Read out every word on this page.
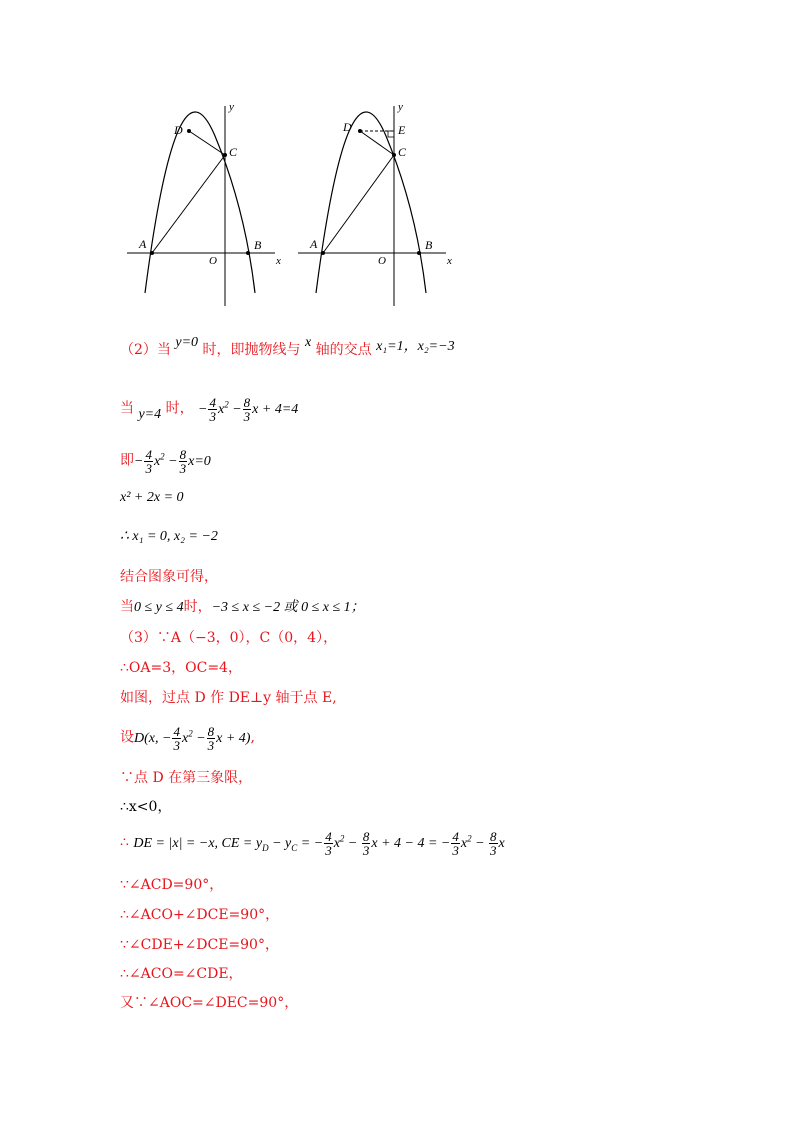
y
x
D
C
A	B
O
y
x
D	E
C
A	B
O
（2）当 y=0 时，即抛物线与 x 轴的交点 x₁=1，x₂=−3
当 y=4 时， − $\frac{4}{3} x^2 - \frac{8}{3}$ x + 4=4
即− $\frac{4}{3} x^2 - \frac{8}{3} x=0$
x² + 2x = 0
∴ x₁ = 0, x₂ = −2
结合图象可得，
当0 ≤ y ≤ 4时，−3 ≤ x ≤ −2 或 0 ≤ x ≤ 1；
（3）∵A（−3，0），C（0，4），
∴OA=3，OC=4，
如图，过点 D 作 DE⊥y 轴于点 E,
设D(x, − $\frac{4}{3} x^2 - \frac{8}{3}$ x + 4),
∵点 D 在第三象限，
∴x<0，
∴ DE = |x| = −x, CE = $y_D - y_C$ = − $\frac{4}{3} x^2 - \frac{8}{3}$ x + 4 − 4 = − $\frac{4}{3} x^2 - \frac{8}{3}$ x
∵∠ACD=90°，
∴∠ACO+∠DCE=90°，
∵∠CDE+∠DCE=90°，
∴∠ACO=∠CDE，
又∵∠AOC=∠DEC=90°，
